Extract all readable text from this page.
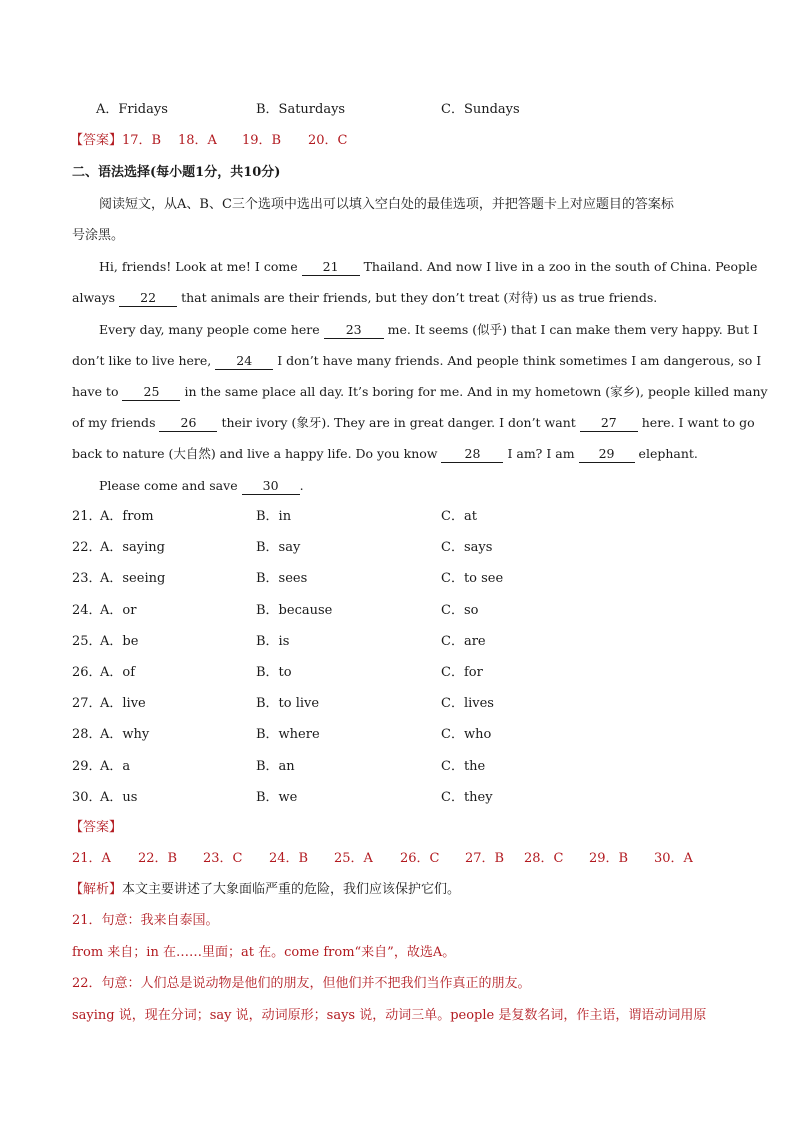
A．Fridays	B．Saturdays	C．Sundays
【答案】17．B 18．A 19．B 20．C
二、语法选择(每小题1分，共10分)
阅读短文，从A、B、C三个选项中选出可以填入空白处的最佳选项，并把答题卡上对应题目的答案标
号涂黑。
Hi, friends! Look at me! I come 21 Thailand. And now I live in a zoo in the south of China. People
always 22 that animals are their friends, but they don’t treat (对待) us as true friends.
Every day, many people come here 23 me. It seems (似乎) that I can make them very happy. But I
don’t like to live here, 24 I don’t have many friends. And people think sometimes I am dangerous, so I
have to 25 in the same place all day. It’s boring for me. And in my hometown (家乡), people killed many
of my friends 26 their ivory (象牙). They are in great danger. I don’t want 27 here. I want to go
back to nature (大自然) and live a happy life. Do you know 28 I am? I am 29 elephant.
Please come and save 30 .
21．
A．from	B．in	C．at
22．
A．saying	B．say	C．says
23．
A．seeing	B．sees	C．to see
24．
A．or	B．because	C．so
25．
A．be	B．is	C．are
26．
A．of	B．to	C．for
27．
A．live	B．to live	C．lives
28．
A．why	B．where	C．who
29．
A．a	B．an	C．the
30．
A．us	B．we	C．they
【答案】
21．A 22．B 23．C 24．B 25．A 26．C 27．B 28．C 29．B 30．A
【解析】本文主要讲述了大象面临严重的危险，我们应该保护它们。
21．句意：我来自泰国。
from 来自；in 在……里面；at 在。come from“来自”，故选A。
22．句意：人们总是说动物是他们的朋友，但他们并不把我们当作真正的朋友。
saying 说，现在分词；say 说，动词原形；says 说，动词三单。people 是复数名词，作主语，谓语动词用原
